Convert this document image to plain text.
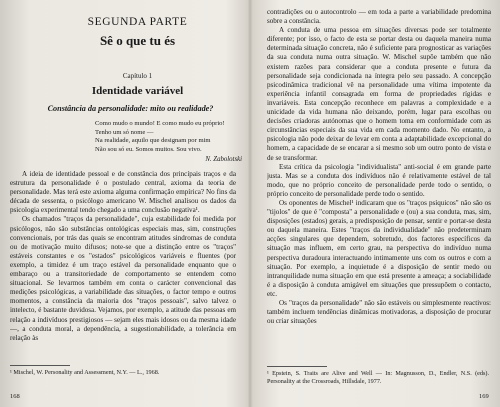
SEGUNDA PARTE
Sê o que tu és
Capítulo 1
Identidade variável
Constância da personalidade: mito ou realidade?
Como mudo o mundo! E como mudo eu próprio!
Tenho um só nome —
Na realidade, aquilo que designam por mim
Não sou só eu. Somos muitos. Sou vivo.
N. Zabolotski

A ideia de identidade pessoal e de constância dos princípais traços e da estrutura da personalidade é o postulado central, axioma da teoria de personalidade. Mas terá este axioma alguma confirmação empírica? No fins da década de sessenta, o psicólogo americano W. Mischel analisou os dados da psicologia experimental tendo chegado a uma conclusão negativa¹.

Os chamados "traços da personalidade", cuja estabilidade foi medida por psicólogos, não são substâncias ontológicas especiais mas, sim, construções convencionais, por trás das quais se encontram atitudes sindromas de conduta ou de motivação muito difusos; note-se que a distinção entre os "traços" estáveis constantes e os "estados" psicológicos variáveis e fluentes (por exemplo, a timidez é um traço estável da personalidade enquanto que o embaraço ou a transitoriedade de comportamento se entendem como situacional. Se levarmos também em conta o carácter convencional das medições psicológicas, a variabilidade das situações, o factor tempo e outros momentos, a constância da maioria dos "traços pessoais", salvo talvez o intelecto, é bastante duvidosa. Vejamos, por exemplo, a atitude das pessoas em relação a indivíduos prestigiosos — sejam eles mais idosos ou da mesma idade —, a conduta moral, a dependência, a sugestionabilidade, a tolerância em relação às

¹ Mischel, W. Personality and Assessment, N.Y. — L., 1968.
168

contradições ou o autocontrolo — em toda a parte a variabilidade predomina sobre a constância.

A conduta de uma pessoa em situações diversas pode ser totalmente diferente; por isso, o facto de esta se portar desta ou daquela maneira numa determinada situação concreta, não é suficiente para prognosticar as variações da sua conduta numa outra situação. W. Mischel supõe também que não existem razões para considerar que a conduta presente e futura da personalidade seja condicionada na íntegra pelo seu passado. A concepção psicodinâmica tradicional vê na personalidade uma vítima impotente da experiência infantil consagrada em forma de propriedades rígidas e invariáveis. Esta concepção reconhece em palavras a complexidade e a unicidade da vida humana não deixando, porém, lugar para escolhas ou decisões criadoras autónomas que o homem toma em conformidade com as circunstâncias especiais da sua vida em cada momento dado. No entanto, a psicologia não pode deixar de levar em conta a adaptabilidade excepcional do homem, a capacidade de se encarar a si mesmo sob um outro ponto de vista e de se transformar.

Esta crítica da psicologia "individualista" anti-social é em grande parte justa. Mas se a conduta dos indivíduos não é relativamente estável de tal modo, que no próprio conceito de personalidade perde todo o sentido, o próprio conceito de personalidade perde todo o sentido.

Os oponentes de Mischel¹ indicaram que os "traços psíquicos" não são os "tijolos" de que é "composta" a personalidade e (ou) a sua conduta, mas, sim, disposições (estados) gerais, a predisposição de pensar, sentir e portar-se desta ou daquela maneira. Estes "traços da individualidade" não predeterminam acções singulares que dependem, sobretudo, dos factores específicos da situação mas influem, em certo grau, na perspectiva do indivíduo numa perspectiva duradoura interactuando intimamente uns com os outros e com a situação. Por exemplo, a inquietude é a disposição de sentir medo ou intranquilidade numa situação em que está presente a ameaça; a sociabilidade é a disposição à conduta amigável em situações que pressupõem o contacto, etc.

Os "traços da personalidade" não são estáveis ou simplesmente reactivos: também incluem tendências dinâmicas motivadoras, a disposição de procurar ou criar situações

¹ Epstein, S. Traits are Alive and Well — In: Magnusson, D., Endler, N.S. (eds). Personality at the Crossroads, Hillsdale, 1977.
169
